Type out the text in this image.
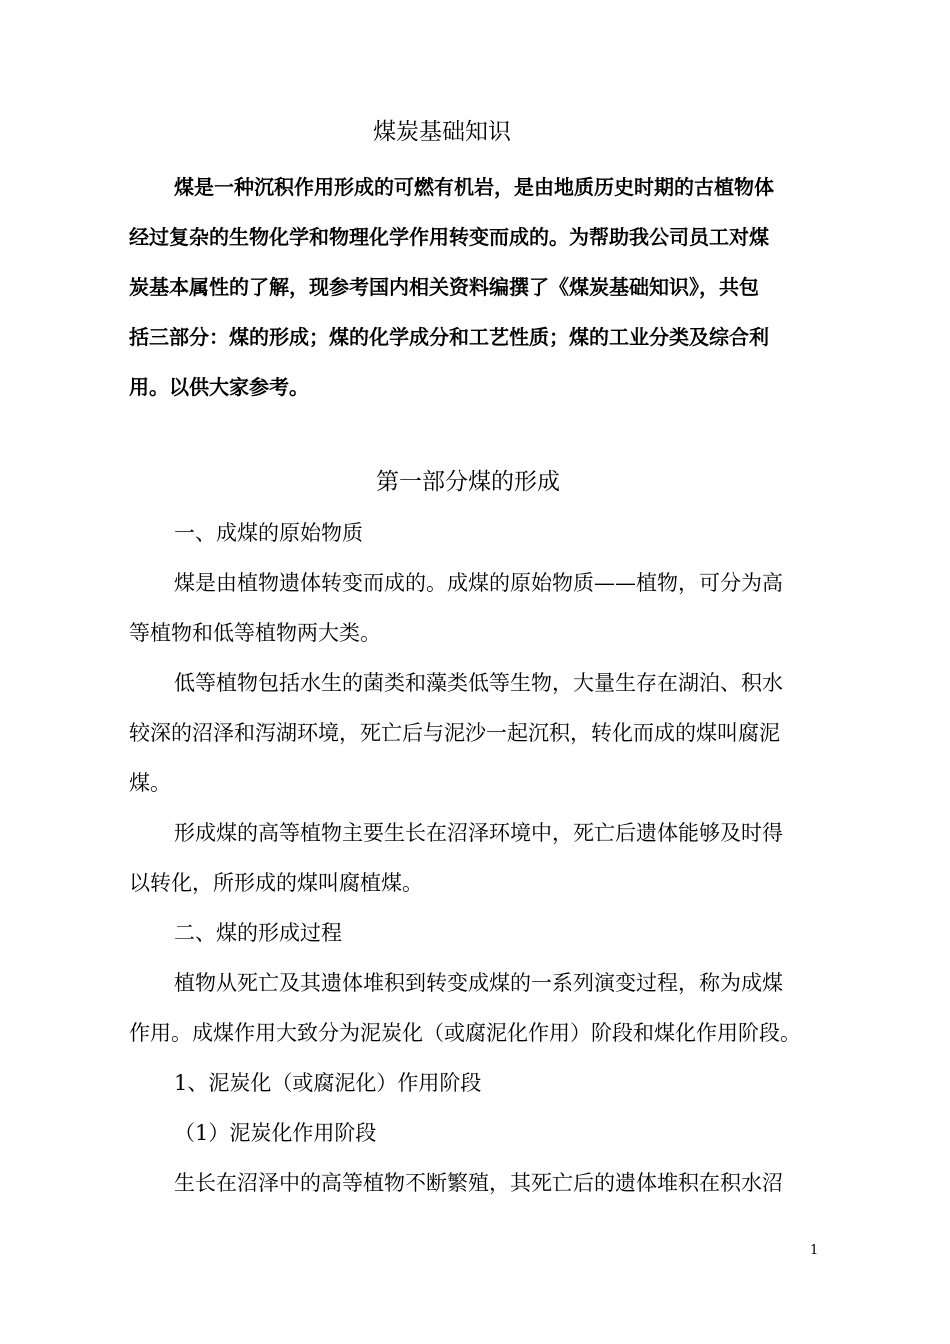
煤炭基础知识
煤是一种沉积作用形成的可燃有机岩，是由地质历史时期的古植物体
经过复杂的生物化学和物理化学作用转变而成的。为帮助我公司员工对煤
炭基本属性的了解，现参考国内相关资料编撰了《煤炭基础知识》，共包
括三部分：煤的形成；煤的化学成分和工艺性质；煤的工业分类及综合利
用。以供大家参考。
第一部分煤的形成
一、成煤的原始物质
煤是由植物遗体转变而成的。成煤的原始物质——植物，可分为高
等植物和低等植物两大类。
低等植物包括水生的菌类和藻类低等生物，大量生存在湖泊、积水
较深的沼泽和泻湖环境，死亡后与泥沙一起沉积，转化而成的煤叫腐泥
煤。
形成煤的高等植物主要生长在沼泽环境中，死亡后遗体能够及时得
以转化，所形成的煤叫腐植煤。
二、煤的形成过程
植物从死亡及其遗体堆积到转变成煤的一系列演变过程，称为成煤
作用。成煤作用大致分为泥炭化（或腐泥化作用）阶段和煤化作用阶段。
1、泥炭化（或腐泥化）作用阶段
（1）泥炭化作用阶段
生长在沼泽中的高等植物不断繁殖，其死亡后的遗体堆积在积水沼
1
